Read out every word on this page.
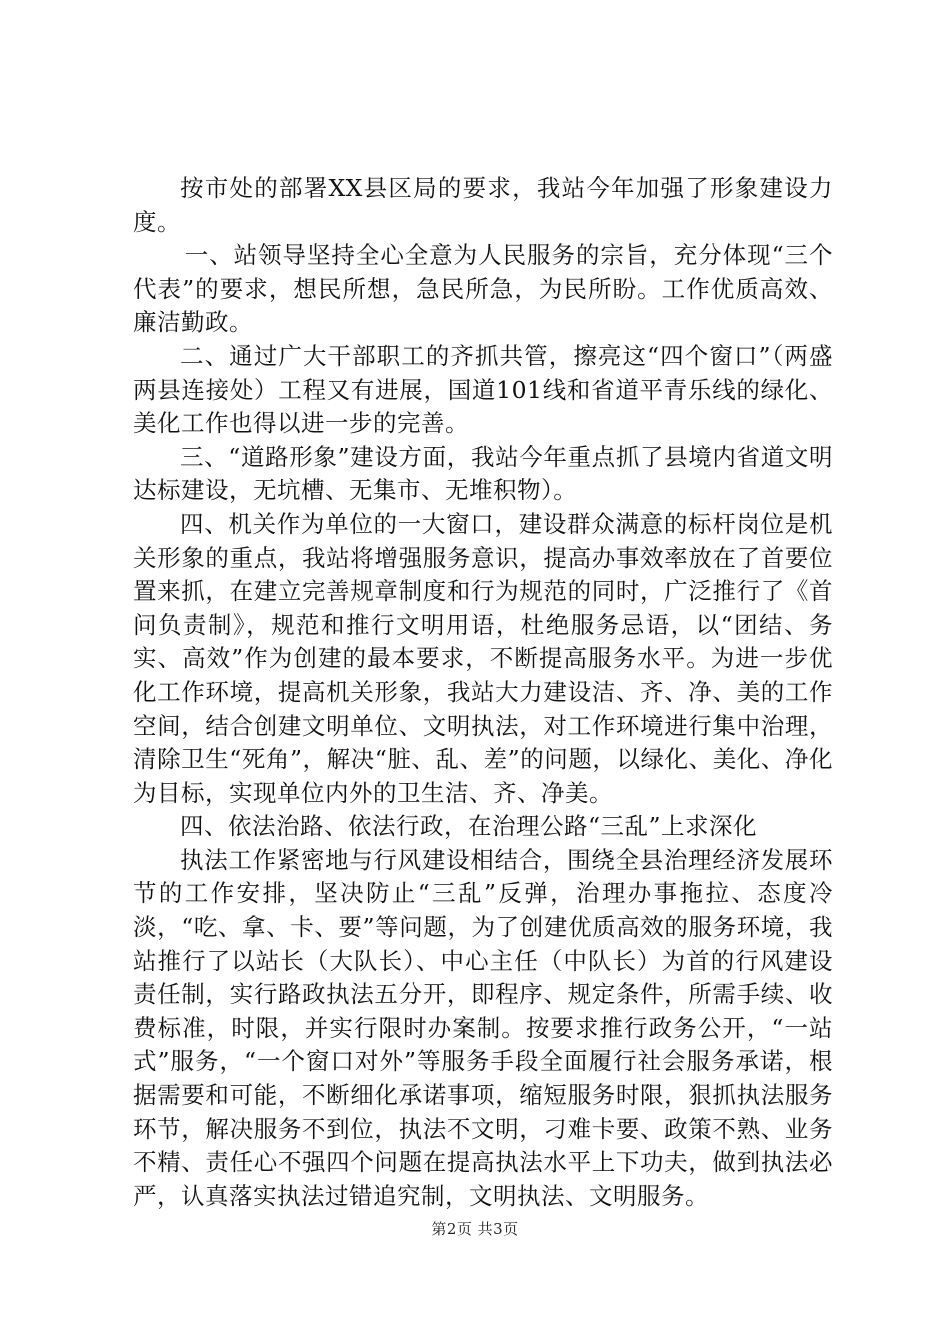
按市处的部署XX县区局的要求，我站今年加强了形象建设力度。

一、站领导坚持全心全意为人民服务的宗旨，充分体现“三个代表”的要求，想民所想，急民所急，为民所盼。工作优质高效、廉洁勤政。

二、通过广大干部职工的齐抓共管，擦亮这“四个窗口”（两盛两县连接处）工程又有进展，国道101线和省道平青乐线的绿化、美化工作也得以进一步的完善。

三、“道路形象”建设方面，我站今年重点抓了县境内省道文明达标建设，无坑槽、无集市、无堆积物）。

四、机关作为单位的一大窗口，建设群众满意的标杆岗位是机关形象的重点，我站将增强服务意识，提高办事效率放在了首要位置来抓，在建立完善规章制度和行为规范的同时，广泛推行了《首问负责制》，规范和推行文明用语，杜绝服务忌语，以“团结、务实、高效”作为创建的最本要求，不断提高服务水平。为进一步优化工作环境，提高机关形象，我站大力建设洁、齐、净、美的工作空间，结合创建文明单位、文明执法，对工作环境进行集中治理，清除卫生“死角”，解决“脏、乱、差”的问题，以绿化、美化、净化为目标，实现单位内外的卫生洁、齐、净美。

四、依法治路、依法行政，在治理公路“三乱”上求深化

执法工作紧密地与行风建设相结合，围绕全县治理经济发展环节的工作安排，坚决防止“三乱”反弹，治理办事拖拉、态度冷淡，“吃、拿、卡、要”等问题，为了创建优质高效的服务环境，我站推行了以站长（大队长）、中心主任（中队长）为首的行风建设责任制，实行路政执法五分开，即程序、规定条件，所需手续、收费标准，时限，并实行限时办案制。按要求推行政务公开，“一站式”服务，“一个窗口对外”等服务手段全面履行社会服务承诺，根据需要和可能，不断细化承诺事项，缩短服务时限，狠抓执法服务环节，解决服务不到位，执法不文明，刁难卡要、政策不熟、业务不精、责任心不强四个问题在提高执法水平上下功夫，做到执法必严，认真落实执法过错追究制，文明执法、文明服务。

第2页 共3页
